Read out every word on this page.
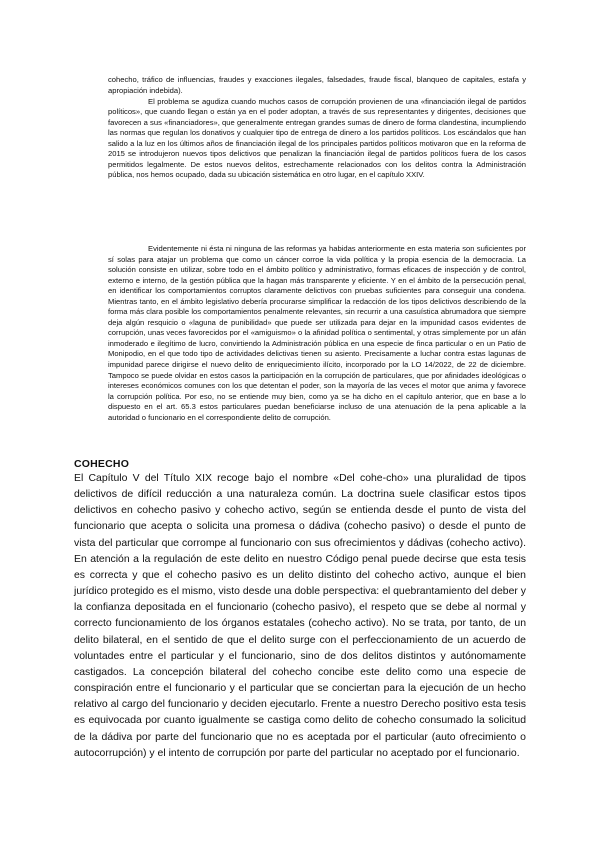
cohecho, tráfico de influencias, fraudes y exacciones ilegales, falsedades, fraude fiscal, blanqueo de capitales, estafa y apropiación indebida).

El problema se agudiza cuando muchos casos de corrupción provienen de una «financiación ilegal de partidos políticos», que cuando llegan o están ya en el poder adoptan, a través de sus representantes y dirigentes, decisiones que favorecen a sus «financiadores», que generalmente entregan grandes sumas de dinero de forma clandestina, incumpliendo las normas que regulan los donativos y cualquier tipo de entrega de dinero a los partidos políticos. Los escándalos que han salido a la luz en los últimos años de financiación ilegal de los principales partidos políticos motivaron que en la reforma de 2015 se introdujeron nuevos tipos delictivos que penalizan la financiación ilegal de partidos políticos fuera de los casos permitidos legalmente. De estos nuevos delitos, estrechamente relacionados con los delitos contra la Administración pública, nos hemos ocupado, dada su ubicación sistemática en otro lugar, en el capítulo XXIV.

Evidentemente ni ésta ni ninguna de las reformas ya habidas anteriormente en esta materia son suficientes por sí solas para atajar un problema que como un cáncer corroe la vida política y la propia esencia de la democracia. La solución consiste en utilizar, sobre todo en el ámbito político y administrativo, formas eficaces de inspección y de control, externo e interno, de la gestión pública que la hagan más transparente y eficiente. Y en el ámbito de la persecución penal, en identificar los comportamientos corruptos claramente delictivos con pruebas suficientes para conseguir una condena. Mientras tanto, en el ámbito legislativo debería procurarse simplificar la redacción de los tipos delictivos describiendo de la forma más clara posible los comportamientos penalmente relevantes, sin recurrir a una casuística abrumadora que siempre deja algún resquicio o «laguna de punibilidad» que puede ser utilizada para dejar en la impunidad casos evidentes de corrupción, unas veces favorecidos por el «amiguismo» o la afinidad política o sentimental, y otras simplemente por un afán inmoderado e ilegítimo de lucro, convirtiendo la Administración pública en una especie de finca particular o en un Patio de Monipodio, en el que todo tipo de actividades delictivas tienen su asiento. Precisamente a luchar contra estas lagunas de impunidad parece dirigirse el nuevo delito de enriquecimiento ilícito, incorporado por la LO 14/2022, de 22 de diciembre. Tampoco se puede olvidar en estos casos la participación en la corrupción de particulares, que por afinidades ideológicas o intereses económicos comunes con los que detentan el poder, son la mayoría de las veces el motor que anima y favorece la corrupción política. Por eso, no se entiende muy bien, como ya se ha dicho en el capítulo anterior, que en base a lo dispuesto en el art. 65.3 estos particulares puedan beneficiarse incluso de una atenuación de la pena aplicable a la autoridad o funcionario en el correspondiente delito de corrupción.

COHECHO

El Capítulo V del Título XIX recoge bajo el nombre «Del cohe-cho» una pluralidad de tipos delictivos de difícil reducción a una naturaleza común. La doctrina suele clasificar estos tipos delictivos en cohecho pasivo y cohecho activo, según se entienda desde el punto de vista del funcionario que acepta o solicita una promesa o dádiva (cohecho pasivo) o desde el punto de vista del particular que corrompe al funcionario con sus ofrecimientos y dádivas (cohecho activo). En atención a la regulación de este delito en nuestro Código penal puede decirse que esta tesis es correcta y que el cohecho pasivo es un delito distinto del cohecho activo, aunque el bien jurídico protegido es el mismo, visto desde una doble perspectiva: el quebrantamiento del deber y la confianza depositada en el funcionario (cohecho pasivo), el respeto que se debe al normal y correcto funcionamiento de los órganos estatales (cohecho activo). No se trata, por tanto, de un delito bilateral, en el sentido de que el delito surge con el perfeccionamiento de un acuerdo de voluntades entre el particular y el funcionario, sino de dos delitos distintos y autónomamente castigados. La concepción bilateral del cohecho concibe este delito como una especie de conspiración entre el funcionario y el particular que se conciertan para la ejecución de un hecho relativo al cargo del funcionario y deciden ejecutarlo. Frente a nuestro Derecho positivo esta tesis es equivocada por cuanto igualmente se castiga como delito de cohecho consumado la solicitud de la dádiva por parte del funcionario que no es aceptada por el particular (auto ofrecimiento o autocorrupción) y el intento de corrupción por parte del particular no aceptado por el funcionario.
